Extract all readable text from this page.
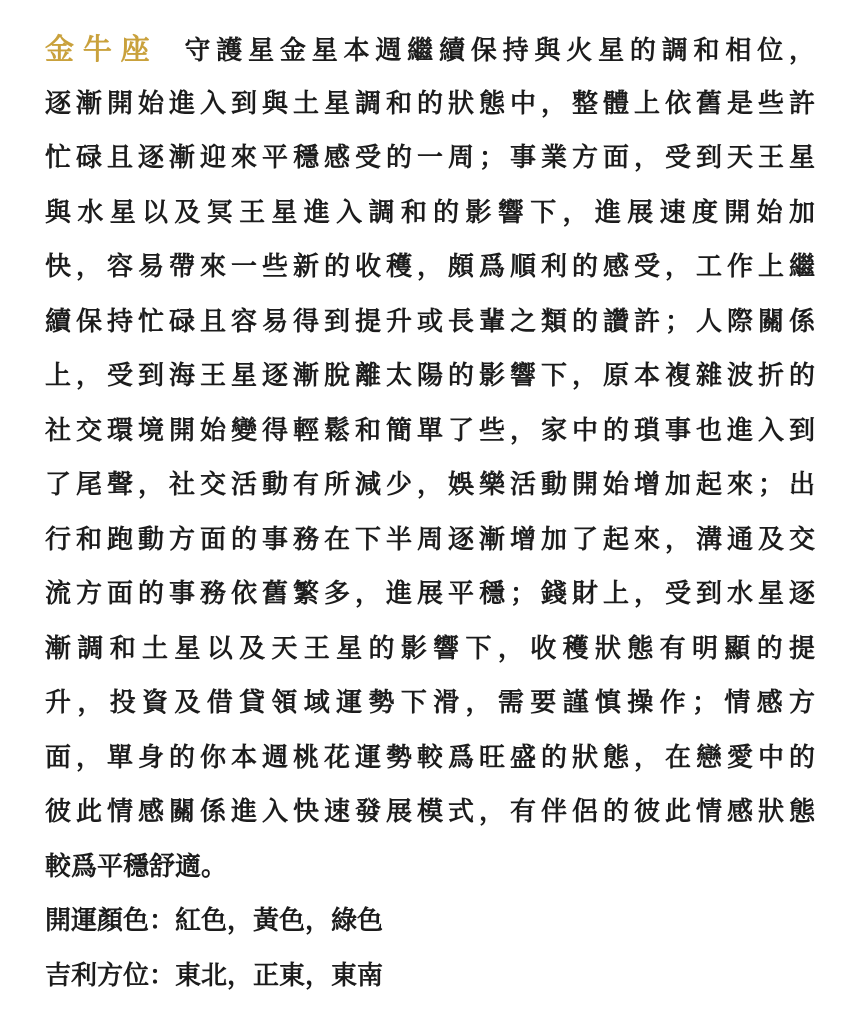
金牛座 守護星金星本週繼續保持與火星的調和相位，
逐漸開始進入到與土星調和的狀態中，整體上依舊是些許
忙碌且逐漸迎來平穩感受的一周；事業方面，受到天王星
與水星以及冥王星進入調和的影響下，進展速度開始加
快，容易帶來一些新的收穫，頗爲順利的感受，工作上繼
續保持忙碌且容易得到提升或長輩之類的讚許；人際關係
上，受到海王星逐漸脫離太陽的影響下，原本複雜波折的
社交環境開始變得輕鬆和簡單了些，家中的瑣事也進入到
了尾聲，社交活動有所減少，娛樂活動開始增加起來；出
行和跑動方面的事務在下半周逐漸增加了起來，溝通及交
流方面的事務依舊繁多，進展平穩；錢財上，受到水星逐
漸調和土星以及天王星的影響下，收穫狀態有明顯的提
升，投資及借貸領域運勢下滑，需要謹慎操作；情感方
面，單身的你本週桃花運勢較爲旺盛的狀態，在戀愛中的
彼此情感關係進入快速發展模式，有伴侶的彼此情感狀態
較爲平穩舒適。
開運顏色：紅色，黃色，綠色
吉利方位：東北，正東，東南
